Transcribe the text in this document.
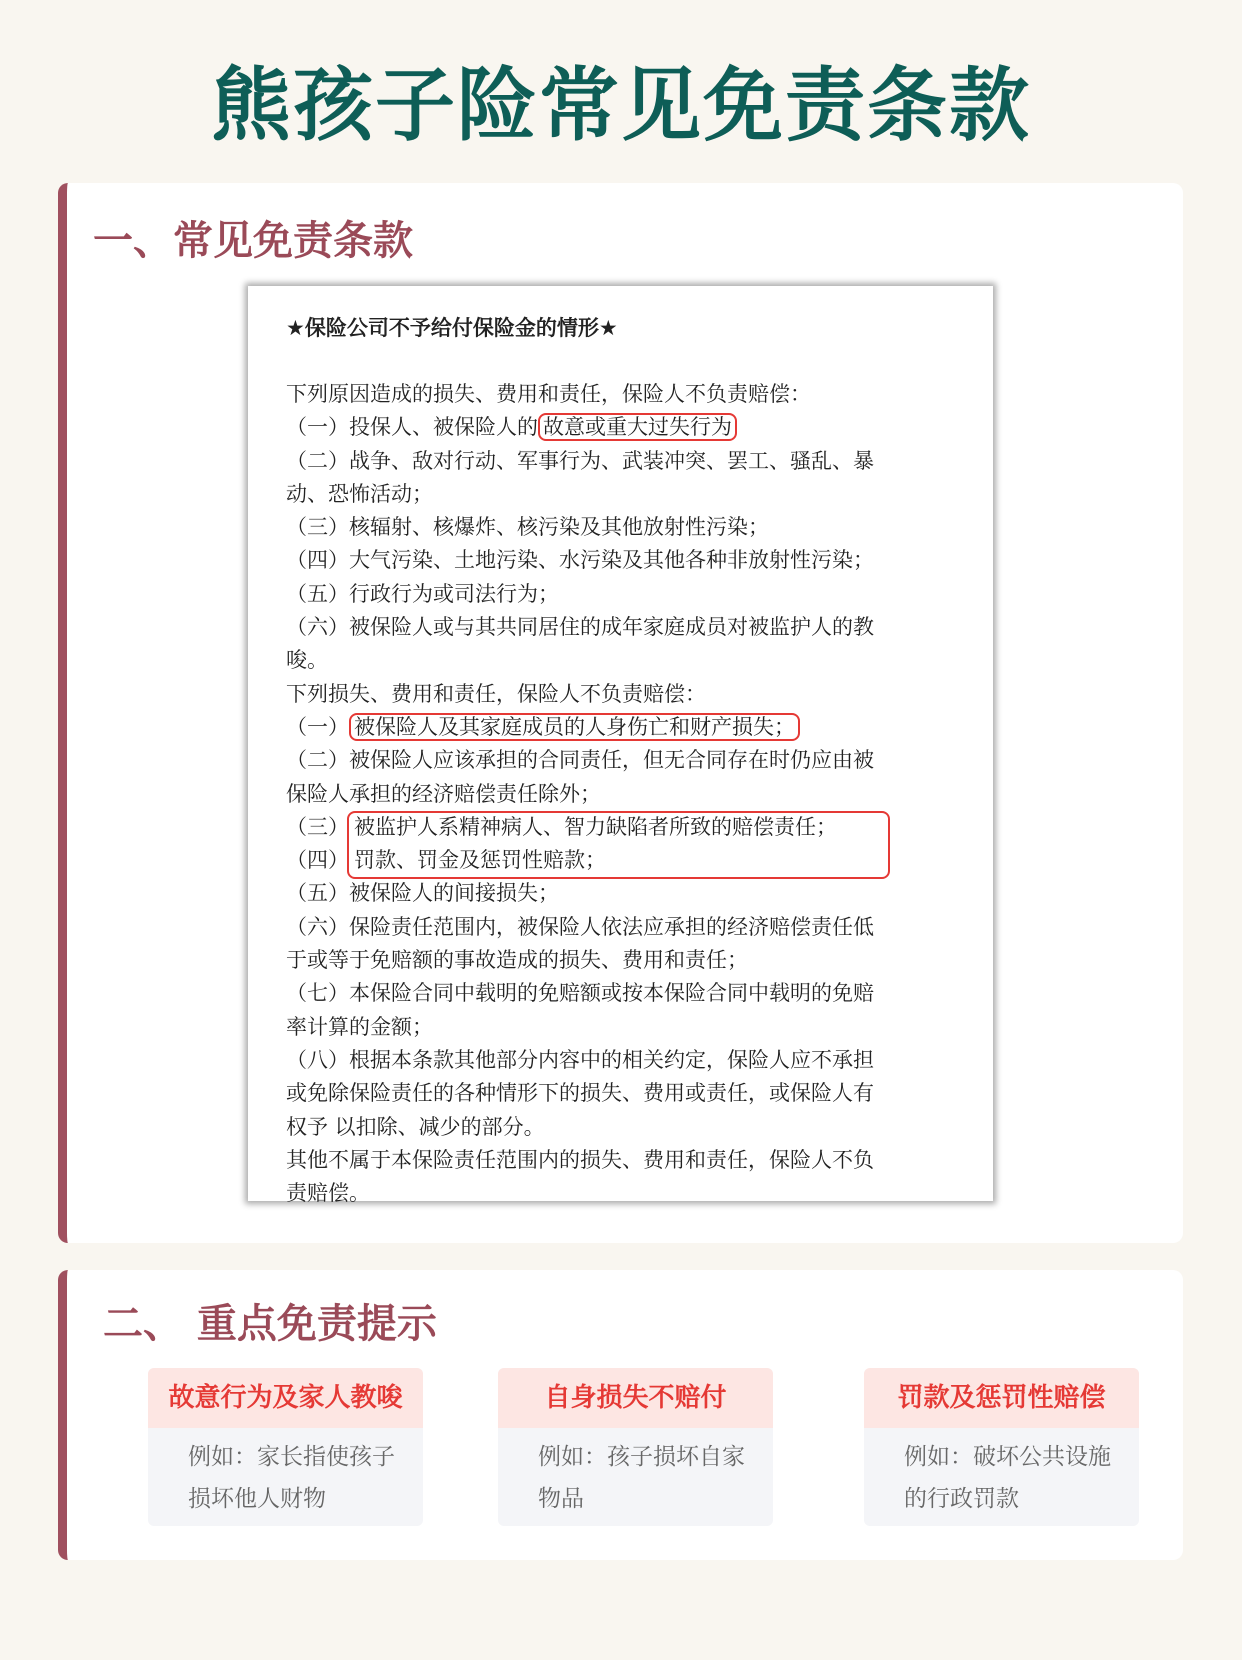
熊孩子险常见免责条款
一、常见免责条款
★保险公司不予给付保险金的情形★
下列原因造成的损失、费用和责任，保险人不负责赔偿：
（一）投保人、被保险人的 故意或重大过失行为
（二）战争、敌对行动、军事行为、武装冲突、罢工、骚乱、暴
动、恐怖活动；
（三）核辐射、核爆炸、核污染及其他放射性污染；
（四）大气污染、土地污染、水污染及其他各种非放射性污染；
（五）行政行为或司法行为；
（六）被保险人或与其共同居住的成年家庭成员对被监护人的教
唆。
下列损失、费用和责任，保险人不负责赔偿：
（一） 被保险人及其家庭成员的人身伤亡和财产损失；
（二）被保险人应该承担的合同责任，但无合同存在时仍应由被
保险人承担的经济赔偿责任除外；
（三） 被监护人系精神病人、智力缺陷者所致的赔偿责任；
（四） 罚款、罚金及惩罚性赔款；
（五）被保险人的间接损失；
（六）保险责任范围内，被保险人依法应承担的经济赔偿责任低
于或等于免赔额的事故造成的损失、费用和责任；
（七）本保险合同中载明的免赔额或按本保险合同中载明的免赔
率计算的金额；
（八）根据本条款其他部分内容中的相关约定，保险人应不承担
或免除保险责任的各种情形下的损失、费用或责任，或保险人有
权予 以扣除、减少的部分。
其他不属于本保险责任范围内的损失、费用和责任，保险人不负
责赔偿。
二、 重点免责提示
故意行为及家人教唆
例如：家长指使孩子损坏他人财物
自身损失不赔付
例如：孩子损坏自家物品
罚款及惩罚性赔偿
例如：破坏公共设施的行政罚款
